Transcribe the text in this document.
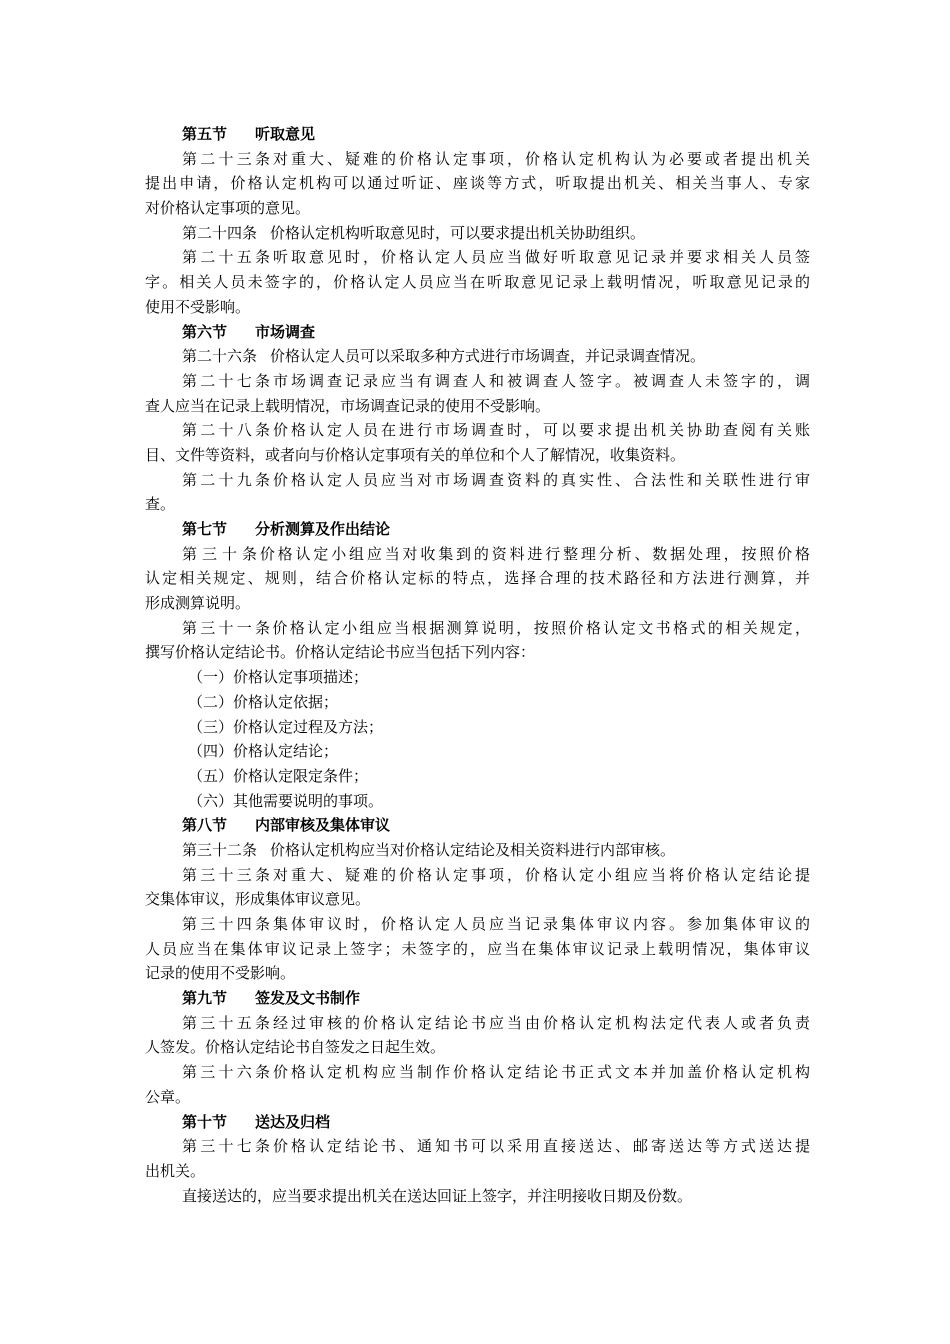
第五节 听取意见
第二十三条对重大、疑难的价格认定事项，价格认定机构认为必要或者提出机关
提出申请，价格认定机构可以通过听证、座谈等方式，听取提出机关、相关当事人、专家
对价格认定事项的意见。
第二十四条 价格认定机构听取意见时，可以要求提出机关协助组织。
第二十五条听取意见时，价格认定人员应当做好听取意见记录并要求相关人员签
字。相关人员未签字的，价格认定人员应当在听取意见记录上载明情况，听取意见记录的
使用不受影响。
第六节 市场调查
第二十六条 价格认定人员可以采取多种方式进行市场调查，并记录调查情况。
第二十七条市场调查记录应当有调查人和被调查人签字。被调查人未签字的，调
查人应当在记录上载明情况，市场调查记录的使用不受影响。
第二十八条价格认定人员在进行市场调查时，可以要求提出机关协助查阅有关账
目、文件等资料，或者向与价格认定事项有关的单位和个人了解情况，收集资料。
第二十九条价格认定人员应当对市场调查资料的真实性、合法性和关联性进行审
查。
第七节 分析测算及作出结论
第三十条价格认定小组应当对收集到的资料进行整理分析、数据处理，按照价格
认定相关规定、规则，结合价格认定标的特点，选择合理的技术路径和方法进行测算，并
形成测算说明。
第三十一条价格认定小组应当根据测算说明，按照价格认定文书格式的相关规定，
撰写价格认定结论书。价格认定结论书应当包括下列内容：
（一）价格认定事项描述；
（二）价格认定依据；
（三）价格认定过程及方法；
（四）价格认定结论；
（五）价格认定限定条件；
（六）其他需要说明的事项。
第八节 内部审核及集体审议
第三十二条 价格认定机构应当对价格认定结论及相关资料进行内部审核。
第三十三条对重大、疑难的价格认定事项，价格认定小组应当将价格认定结论提
交集体审议，形成集体审议意见。
第三十四条集体审议时，价格认定人员应当记录集体审议内容。参加集体审议的
人员应当在集体审议记录上签字；未签字的，应当在集体审议记录上载明情况，集体审议
记录的使用不受影响。
第九节 签发及文书制作
第三十五条经过审核的价格认定结论书应当由价格认定机构法定代表人或者负责
人签发。价格认定结论书自签发之日起生效。
第三十六条价格认定机构应当制作价格认定结论书正式文本并加盖价格认定机构
公章。
第十节 送达及归档
第三十七条价格认定结论书、通知书可以采用直接送达、邮寄送达等方式送达提
出机关。
直接送达的，应当要求提出机关在送达回证上签字，并注明接收日期及份数。
